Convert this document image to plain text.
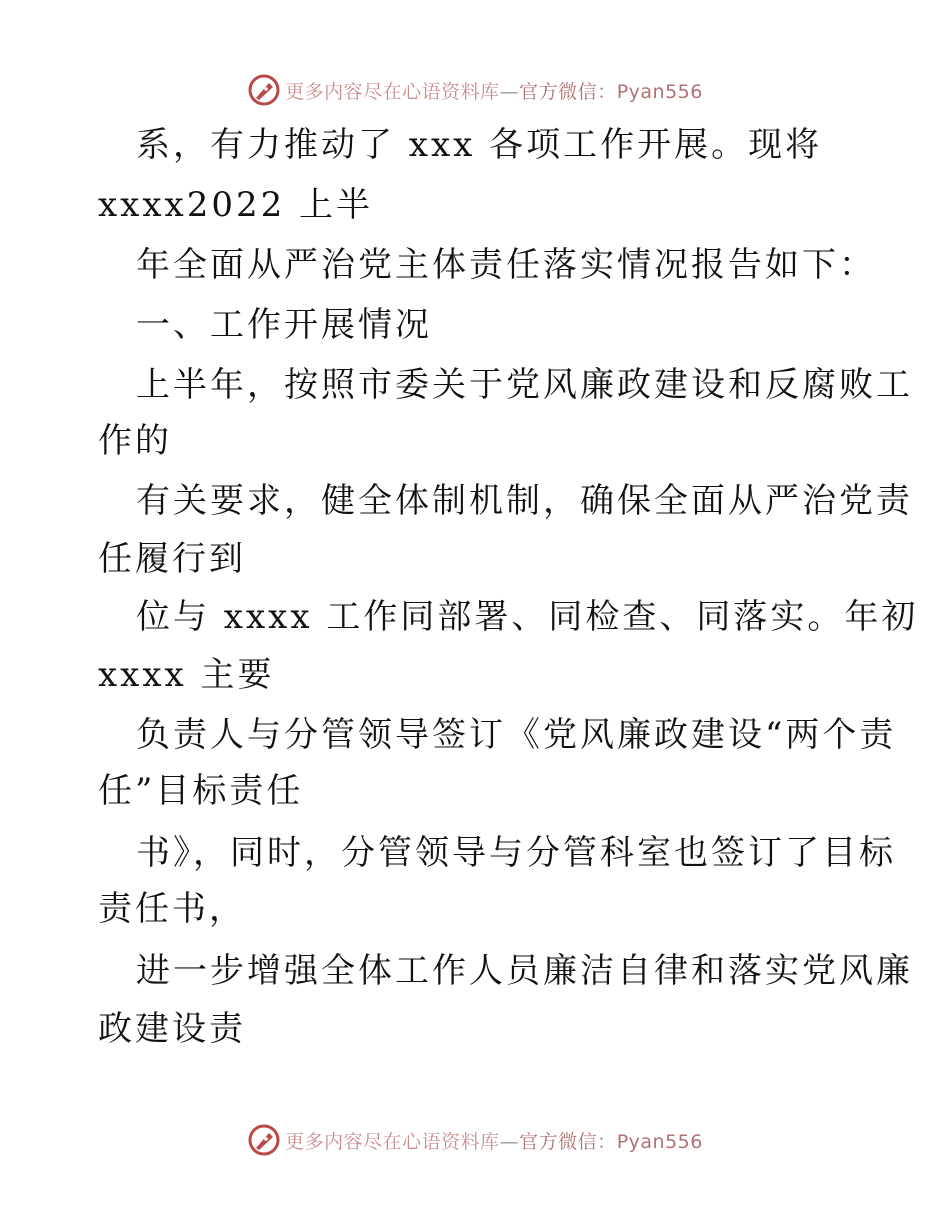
更多内容尽在心语资料库—官方微信：Pyan556
系，有力推动了 xxx 各项工作开展。现将
xxxx2022 上半
年全面从严治党主体责任落实情况报告如下：
一、工作开展情况
上半年，按照市委关于党风廉政建设和反腐败工
作的
有关要求，健全体制机制，确保全面从严治党责
任履行到
位与 xxxx 工作同部署、同检查、同落实。年初
xxxx 主要
负责人与分管领导签订《党风廉政建设“两个责
任”目标责任
书》，同时，分管领导与分管科室也签订了目标
责任书，
进一步增强全体工作人员廉洁自律和落实党风廉
政建设责
更多内容尽在心语资料库—官方微信：Pyan556
